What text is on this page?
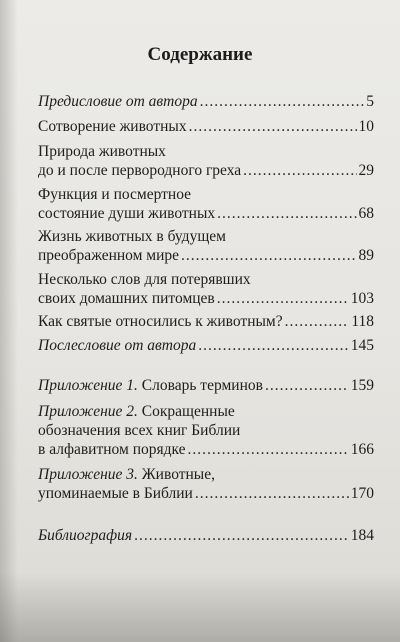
Содержание
Предисловие от автора .....	5
Сотворение животных .....	10
Природа животных
до и после первородного греха .....	29
Функция и посмертное
состояние души животных .....	68
Жизнь животных в будущем
преображенном мире .....	89
Несколько слов для потерявших
своих домашних питомцев .....	103
Как святые относились к животным? .....	118
Послесловие от автора .....	145
Приложение 1.
Словарь терминов .....	159
Приложение 2.
Сокращенные
обозначения всех книг Библии
в алфавитном порядке .....	166
Приложение 3.
Животные,
упоминаемые в Библии .....	170
Библиография .....	184
